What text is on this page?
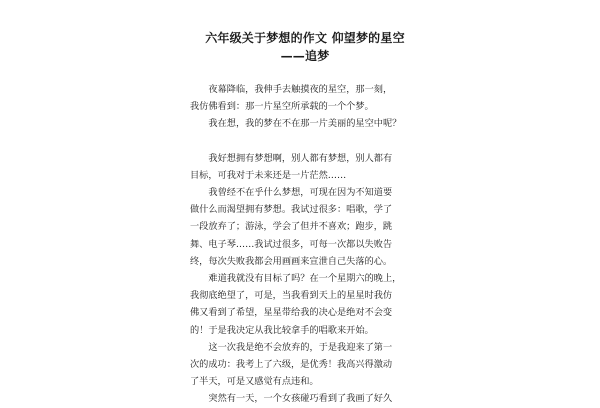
六年级关于梦想的作文 仰望梦的星空
——追梦

夜幕降临，我伸手去触摸夜的星空，那一刻，
我仿佛看到：那一片星空所承载的一个个梦。

我在想，我的梦在不在那一片美丽的星空中呢？

我好想拥有梦想啊，别人都有梦想，别人都有
目标，可我对于未来还是一片茫然……

我曾经不在乎什么梦想，可现在因为不知道要
做什么而渴望拥有梦想。我试过很多：唱歌，学了
一段放弃了；游泳，学会了但并不喜欢；跑步，跳
舞、电子琴……我试过很多，可每一次都以失败告
终，每次失败我都会用画画来宣泄自己失落的心。

难道我就没有目标了吗？在一个星期六的晚上，
我彻底绝望了，可是，当我看到天上的星星时我仿
佛又看到了希望，星星带给我的决心是绝对不会变
的！于是我决定从我比较拿手的唱歌来开始。

这一次我是绝不会放弃的，于是我迎来了第一
次的成功：我考上了六级，是优秀！我高兴得激动
了半天，可是又感觉有点违和。

突然有一天，一个女孩碰巧看到了我画了好久
